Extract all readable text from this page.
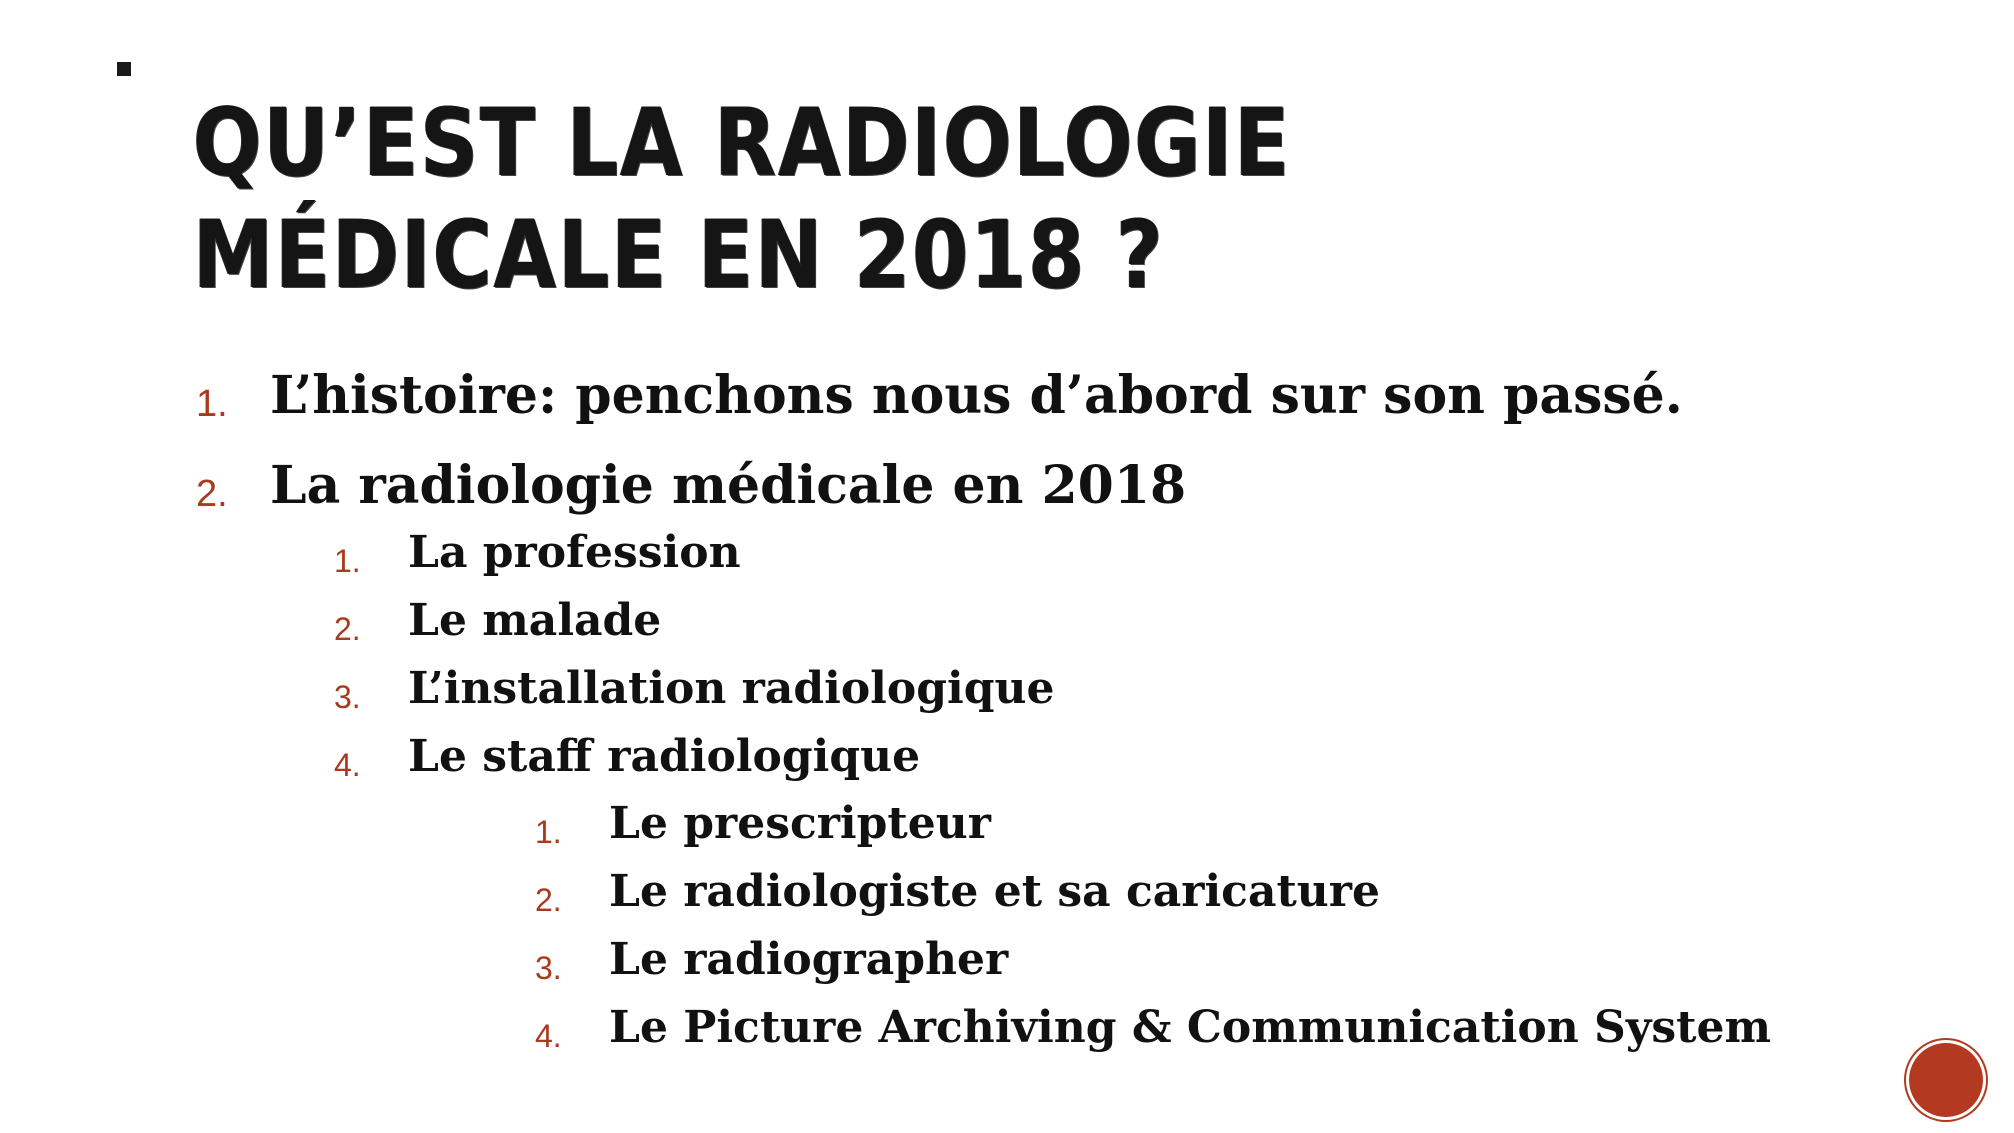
QU’EST LA RADIOLOGIE MÉDICALE EN 2018 ?
1. L’histoire: penchons nous d’abord sur son passé.
2. La radiologie médicale en 2018
1. La profession
2. Le malade
3. L’installation radiologique
4. Le staff radiologique
1. Le prescripteur
2. Le radiologiste et sa caricature
3. Le radiographer
4. Le Picture Archiving & Communication System
